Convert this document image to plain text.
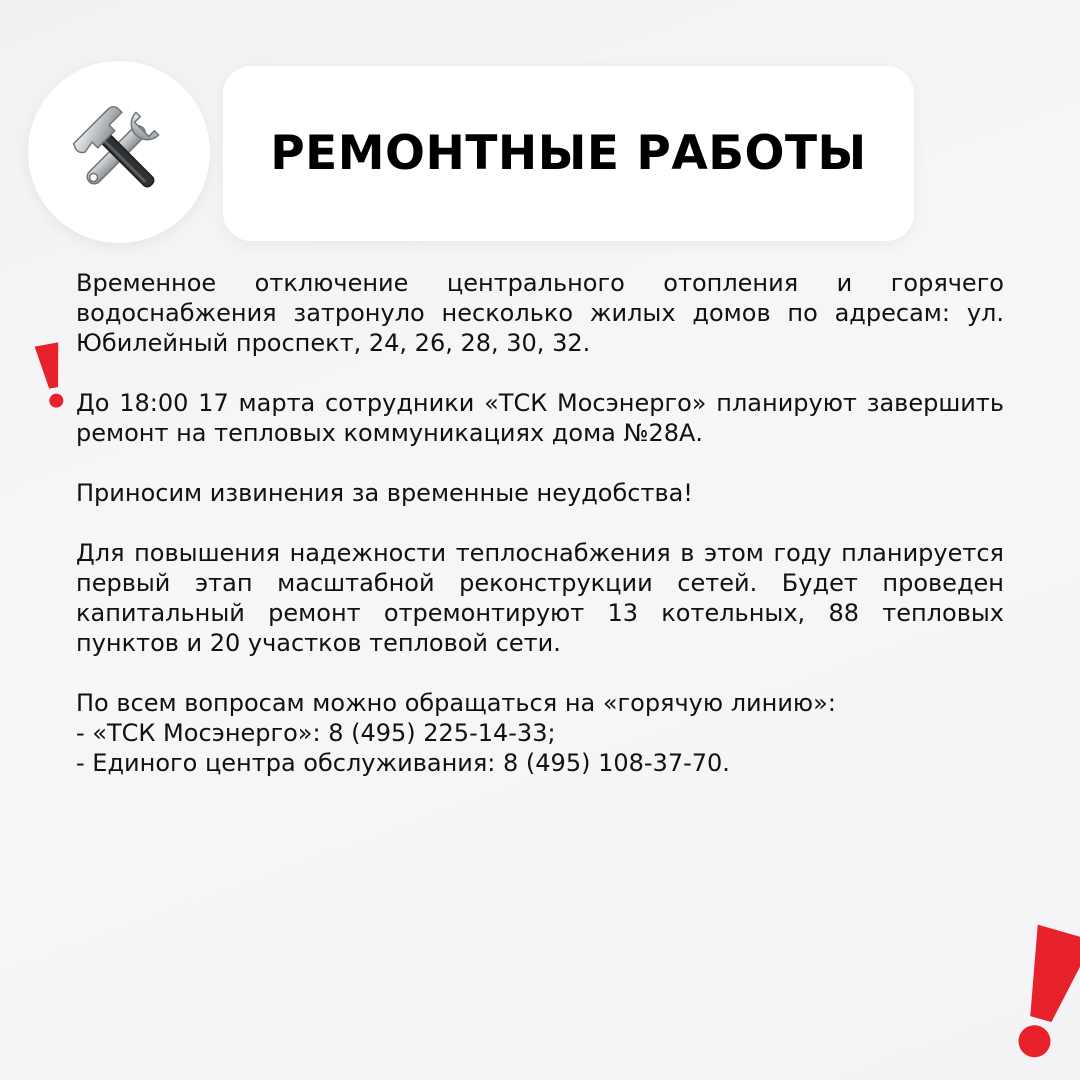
РЕМОНТНЫЕ РАБОТЫ

Временное отключение центрального отопления и горячего водоснабжения затронуло несколько жилых домов по адресам: ул. Юбилейный проспект, 24, 26, 28, 30, 32.

До 18:00 17 марта сотрудники «ТСК Мосэнерго» планируют завершить ремонт на тепловых коммуникациях дома №28А.

Приносим извинения за временные неудобства!

Для повышения надежности теплоснабжения в этом году планируется первый этап масштабной реконструкции сетей. Будет проведен капитальный ремонт отремонтируют 13 котельных, 88 тепловых пунктов и 20 участков тепловой сети.

По всем вопросам можно обращаться на «горячую линию»:
- «ТСК Мосэнерго»: 8 (495) 225-14-33;
- Единого центра обслуживания: 8 (495) 108-37-70.
